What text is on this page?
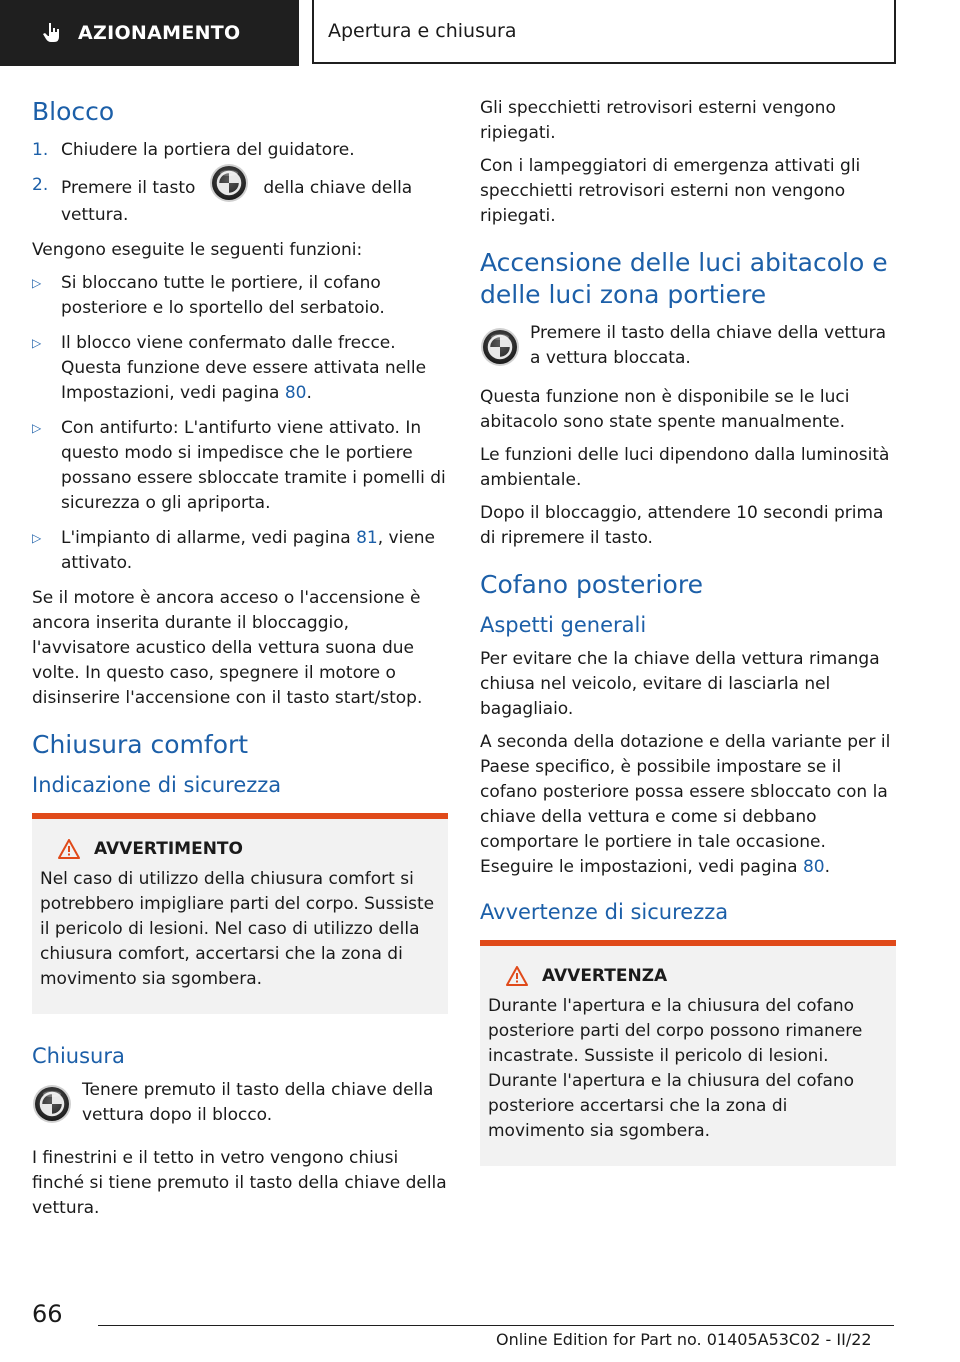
AZIONAMENTO	Apertura e chiusura
Blocco
1. Chiudere la portiera del guidatore.
2. Premere il tasto	della chiave della vettura.

Vengono eseguite le seguenti funzioni:

▷	Si bloccano tutte le portiere, il cofano posteriore e lo sportello del serbatoio.
▷	Il blocco viene confermato dalle frecce. Questa funzione deve essere attivata nelle Impostazioni, vedi pagina 80.
▷	Con antifurto: L'antifurto viene attivato. In questo modo si impedisce che le portiere possano essere sbloccate tramite i pomelli di sicurezza o gli apriporta.
▷	L'impianto di allarme, vedi pagina 81, viene attivato.

Se il motore è ancora acceso o l'accensione è ancora inserita durante il bloccaggio, l'avvisatore acustico della vettura suona due volte. In questo caso, spegnere il motore o disinserire l'accensione con il tasto start/stop.

Chiusura comfort
Indicazione di sicurezza
AVVERTIMENTO

Nel caso di utilizzo della chiusura comfort si potrebbero impigliare parti del corpo. Sussiste il pericolo di lesioni. Nel caso di utilizzo della chiusura comfort, accertarsi che la zona di movimento sia sgombera.

Chiusura
Tenere premuto il tasto della chiave della vettura dopo il blocco.

I finestrini e il tetto in vetro vengono chiusi finché si tiene premuto il tasto della chiave della vettura.

Gli specchietti retrovisori esterni vengono ripiegati.

Con i lampeggiatori di emergenza attivati gli specchietti retrovisori esterni non vengono ripiegati.

Accensione delle luci abitacolo e delle luci zona portiere
Premere il tasto della chiave della vettura a vettura bloccata.

Questa funzione non è disponibile se le luci abitacolo sono state spente manualmente.

Le funzioni delle luci dipendono dalla luminosità ambientale.

Dopo il bloccaggio, attendere 10 secondi prima di ripremere il tasto.

Cofano posteriore
Aspetti generali

Per evitare che la chiave della vettura rimanga chiusa nel veicolo, evitare di lasciarla nel bagagliaio.

A seconda della dotazione e della variante per il Paese specifico, è possibile impostare se il cofano posteriore possa essere sbloccato con la chiave della vettura e come si debbano comportare le portiere in tale occasione. Eseguire le impostazioni, vedi pagina 80.

Avvertenze di sicurezza
AVVERTENZA

Durante l'apertura e la chiusura del cofano posteriore parti del corpo possono rimanere incastrate. Sussiste il pericolo di lesioni. Durante l'apertura e la chiusura del cofano posteriore accertarsi che la zona di movimento sia sgombera.

66
Online Edition for Part no. 01405A53C02 - II/22
